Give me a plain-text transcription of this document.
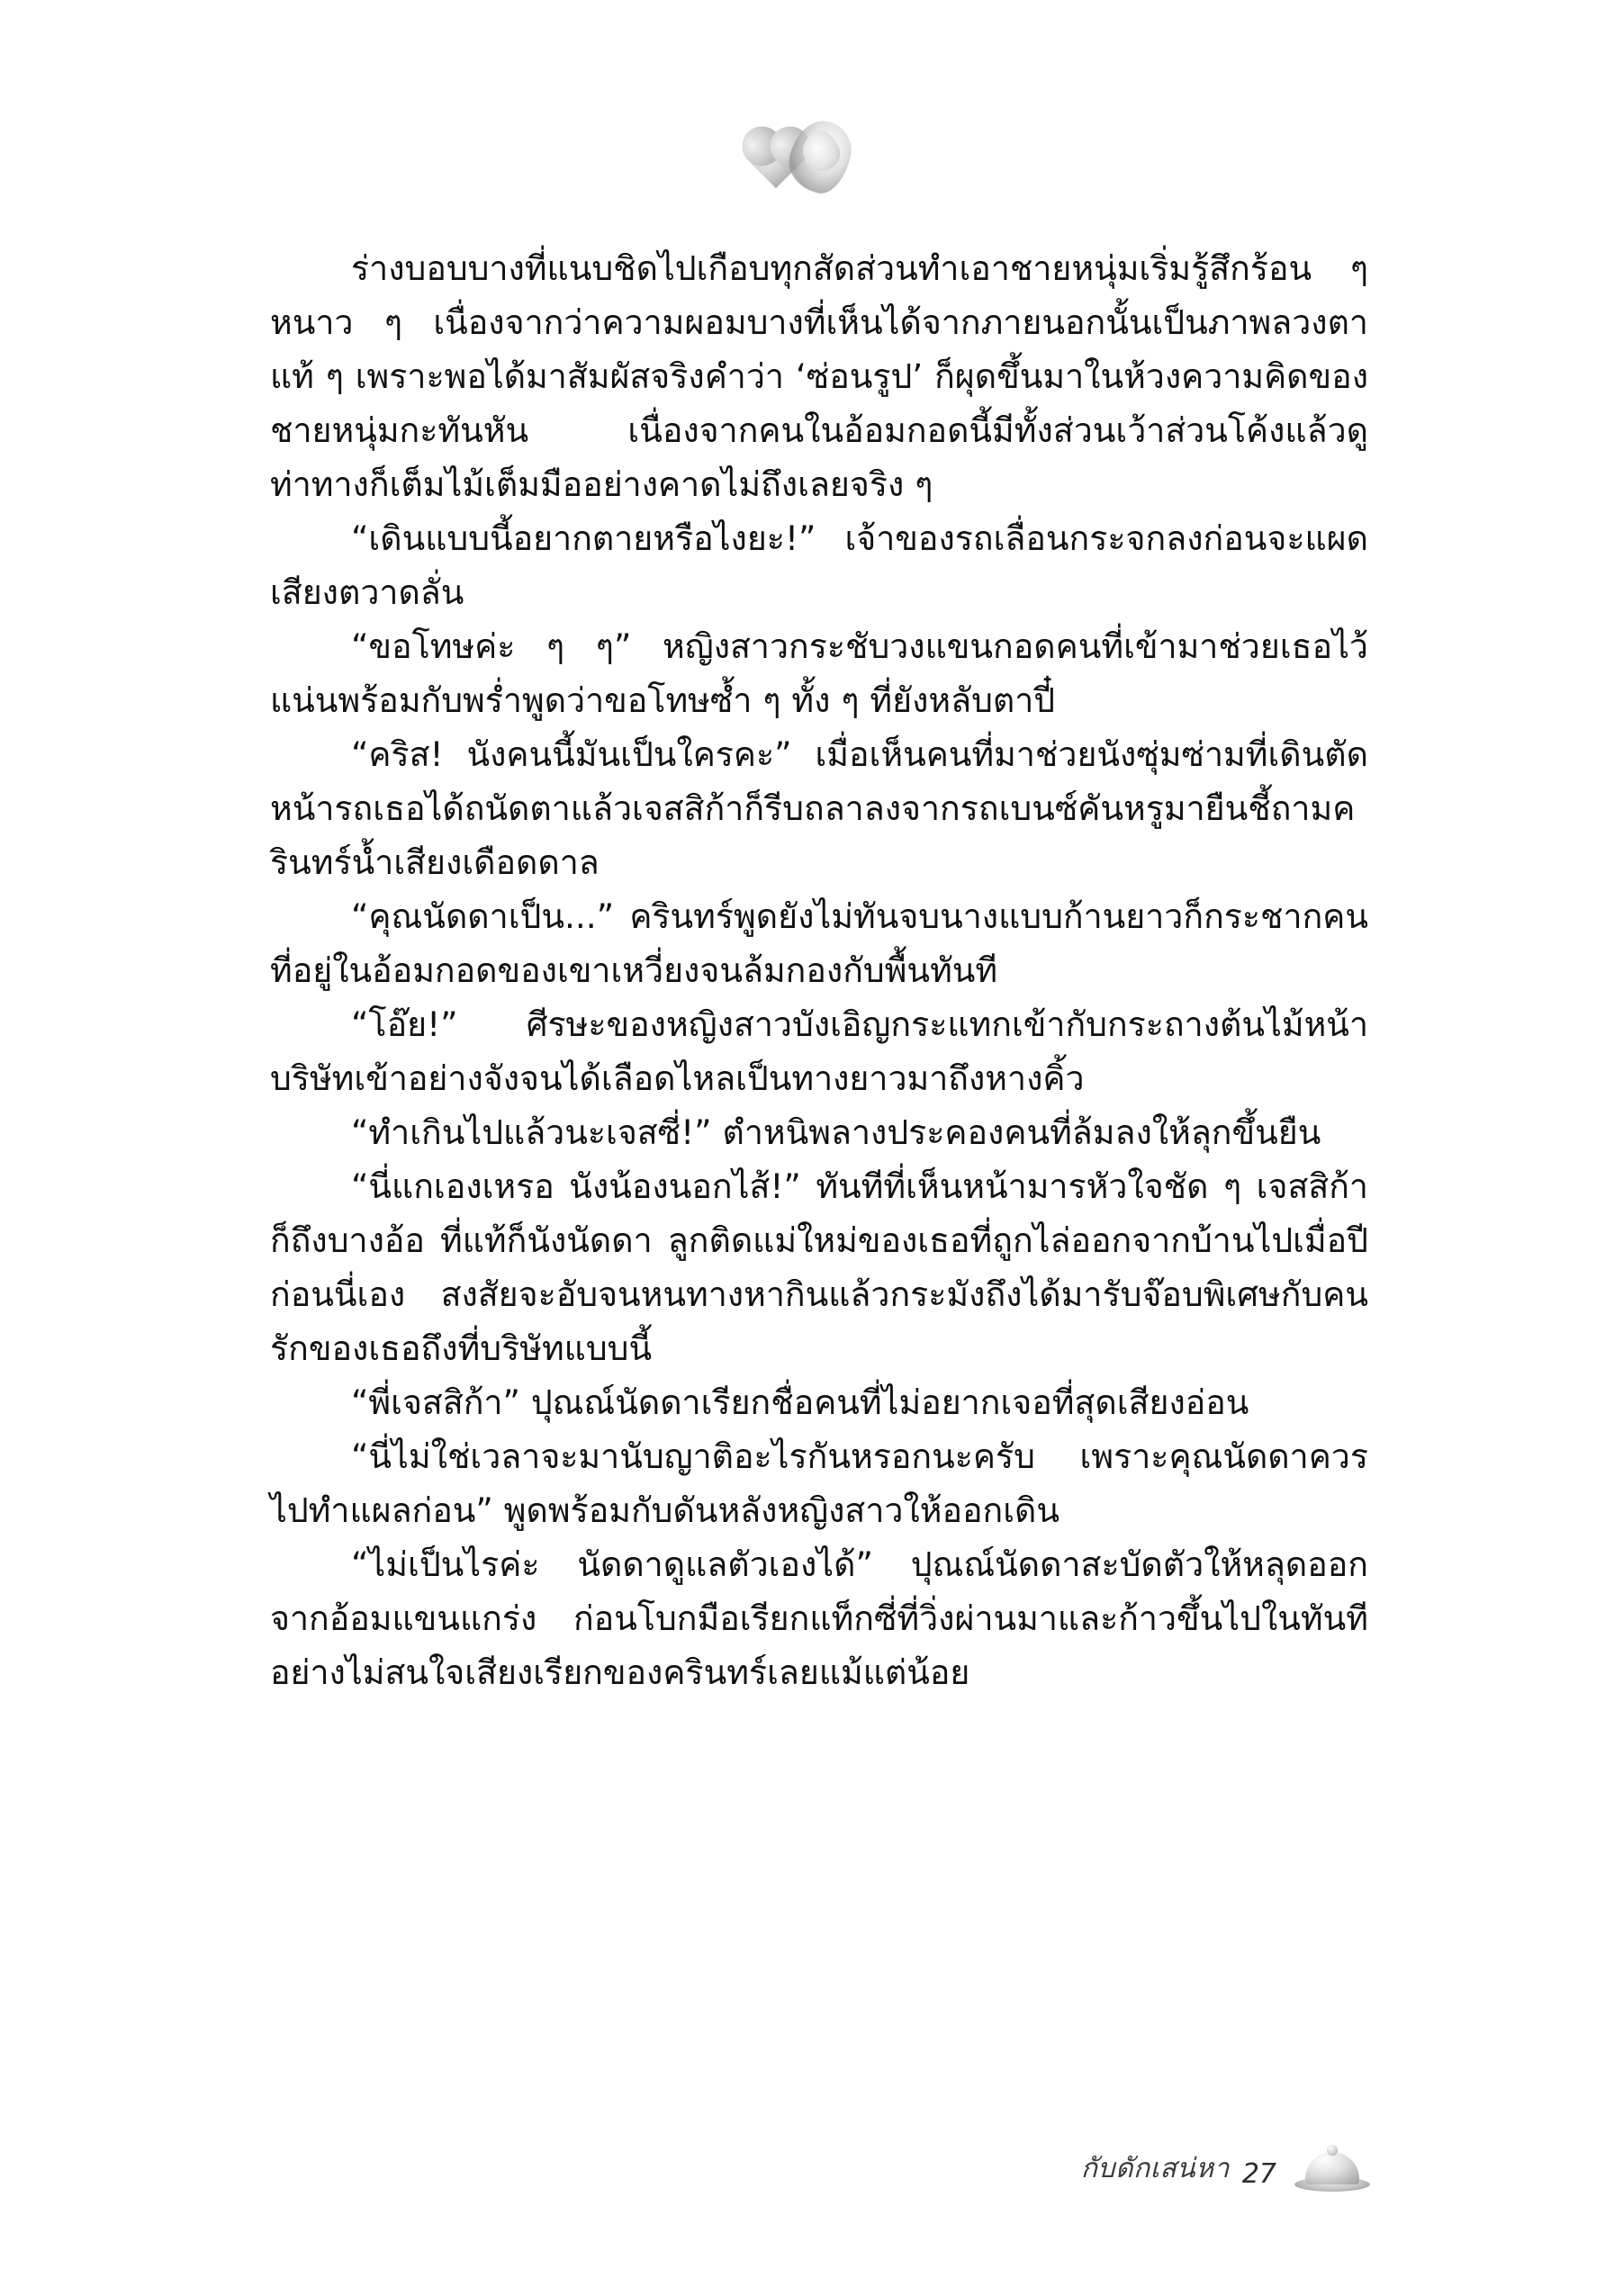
ร่างบอบบางที่แนบชิดไปเกือบทุกสัดส่วนทำเอาชายหนุ่มเริ่มรู้สึกร้อน ๆ หนาว ๆ เนื่องจากว่าความผอมบางที่เห็นได้จากภายนอกนั้นเป็นภาพลวงตาแท้ ๆ เพราะพอได้มาสัมผัสจริงคำว่า ‘ซ่อนรูป’ ก็ผุดขึ้นมาในห้วงความคิดของชายหนุ่มกะทันหัน เนื่องจากคนในอ้อมกอดนี้มีทั้งส่วนเว้าส่วนโค้งแล้วดูท่าทางก็เต็มไม้เต็มมืออย่างคาดไม่ถึงเลยจริง ๆ

“เดินแบบนี้อยากตายหรือไงยะ!” เจ้าของรถเลื่อนกระจกลงก่อนจะแผดเสียงตวาดลั่น

“ขอโทษค่ะ ๆ ๆ” หญิงสาวกระชับวงแขนกอดคนที่เข้ามาช่วยเธอไว้แน่นพร้อมกับพร่ำพูดว่าขอโทษซ้ำ ๆ ทั้ง ๆ ที่ยังหลับตาปี๋

“คริส! นังคนนี้มันเป็นใครคะ” เมื่อเห็นคนที่มาช่วยนังซุ่มซ่ามที่เดินตัดหน้ารถเธอได้ถนัดตาแล้วเจสสิก้าก็รีบถลาลงจากรถเบนซ์คันหรูมายืนชี้ถามครินทร์น้ำเสียงเดือดดาล

“คุณนัดดาเป็น...” ครินทร์พูดยังไม่ทันจบนางแบบก้านยาวก็กระชากคนที่อยู่ในอ้อมกอดของเขาเหวี่ยงจนล้มกองกับพื้นทันที

“โอ๊ย!” ศีรษะของหญิงสาวบังเอิญกระแทกเข้ากับกระถางต้นไม้หน้าบริษัทเข้าอย่างจังจนได้เลือดไหลเป็นทางยาวมาถึงหางคิ้ว

“ทำเกินไปแล้วนะเจสซี่!” ตำหนิพลางประคองคนที่ล้มลงให้ลุกขึ้นยืน

“นี่แกเองเหรอ นังน้องนอกไส้!” ทันทีที่เห็นหน้ามารหัวใจชัด ๆ เจสสิก้าก็ถึงบางอ้อ ที่แท้ก็นังนัดดา ลูกติดแม่ใหม่ของเธอที่ถูกไล่ออกจากบ้านไปเมื่อปีก่อนนี่เอง สงสัยจะอับจนหนทางหากินแล้วกระมังถึงได้มารับจ๊อบพิเศษกับคนรักของเธอถึงที่บริษัทแบบนี้

“พี่เจสสิก้า” ปุณณ์นัดดาเรียกชื่อคนที่ไม่อยากเจอที่สุดเสียงอ่อน

“นี่ไม่ใช่เวลาจะมานับญาติอะไรกันหรอกนะครับ เพราะคุณนัดดาควรไปทำแผลก่อน” พูดพร้อมกับดันหลังหญิงสาวให้ออกเดิน

“ไม่เป็นไรค่ะ นัดดาดูแลตัวเองได้” ปุณณ์นัดดาสะบัดตัวให้หลุดออกจากอ้อมแขนแกร่ง ก่อนโบกมือเรียกแท็กซี่ที่วิ่งผ่านมาและก้าวขึ้นไปในทันทีอย่างไม่สนใจเสียงเรียกของครินทร์เลยแม้แต่น้อย

กับดักเสน่หา 27
